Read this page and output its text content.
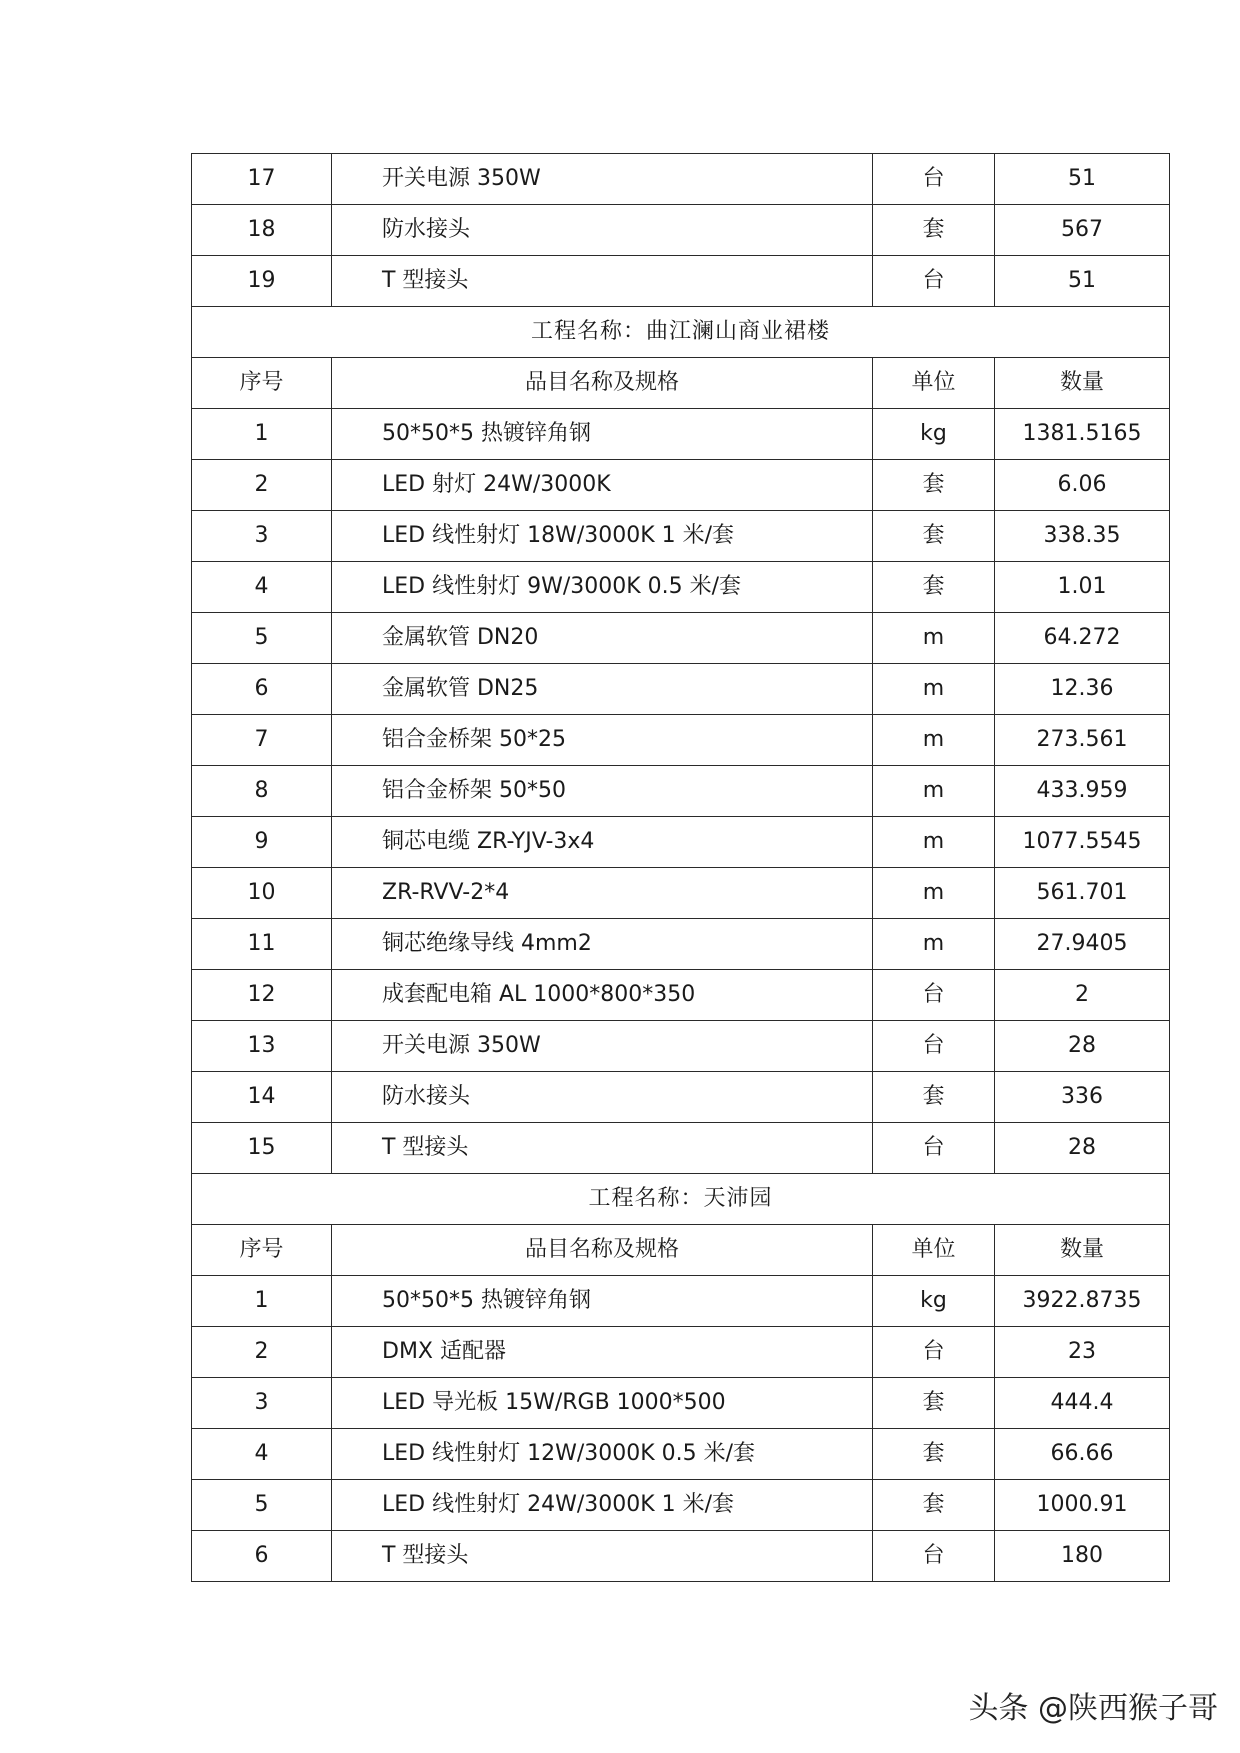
17	开关电源 350W	台	51
18	防水接头	套	567
19	T 型接头	台	51
工程名称：曲江澜山商业裙楼			
序号	品目名称及规格	单位	数量
1	50*50*5 热镀锌角钢	kg	1381.5165
2	LED 射灯 24W/3000K	套	6.06
3	LED 线性射灯 18W/3000K 1 米/套	套	338.35
4	LED 线性射灯 9W/3000K 0.5 米/套	套	1.01
5	金属软管 DN20	m	64.272
6	金属软管 DN25	m	12.36
7	铝合金桥架 50*25	m	273.561
8	铝合金桥架 50*50	m	433.959
9	铜芯电缆 ZR-YJV-3x4	m	1077.5545
10	ZR-RVV-2*4	m	561.701
11	铜芯绝缘导线 4mm2	m	27.9405
12	成套配电箱 AL 1000*800*350	台	2
13	开关电源 350W	台	28
14	防水接头	套	336
15	T 型接头	台	28
工程名称：天沛园			
序号	品目名称及规格	单位	数量
1	50*50*5 热镀锌角钢	kg	3922.8735
2	DMX 适配器	台	23
3	LED 导光板 15W/RGB 1000*500	套	444.4
4	LED 线性射灯 12W/3000K 0.5 米/套	套	66.66
5	LED 线性射灯 24W/3000K 1 米/套	套	1000.91
6	T 型接头	台	180
头条 @陕西猴子哥
